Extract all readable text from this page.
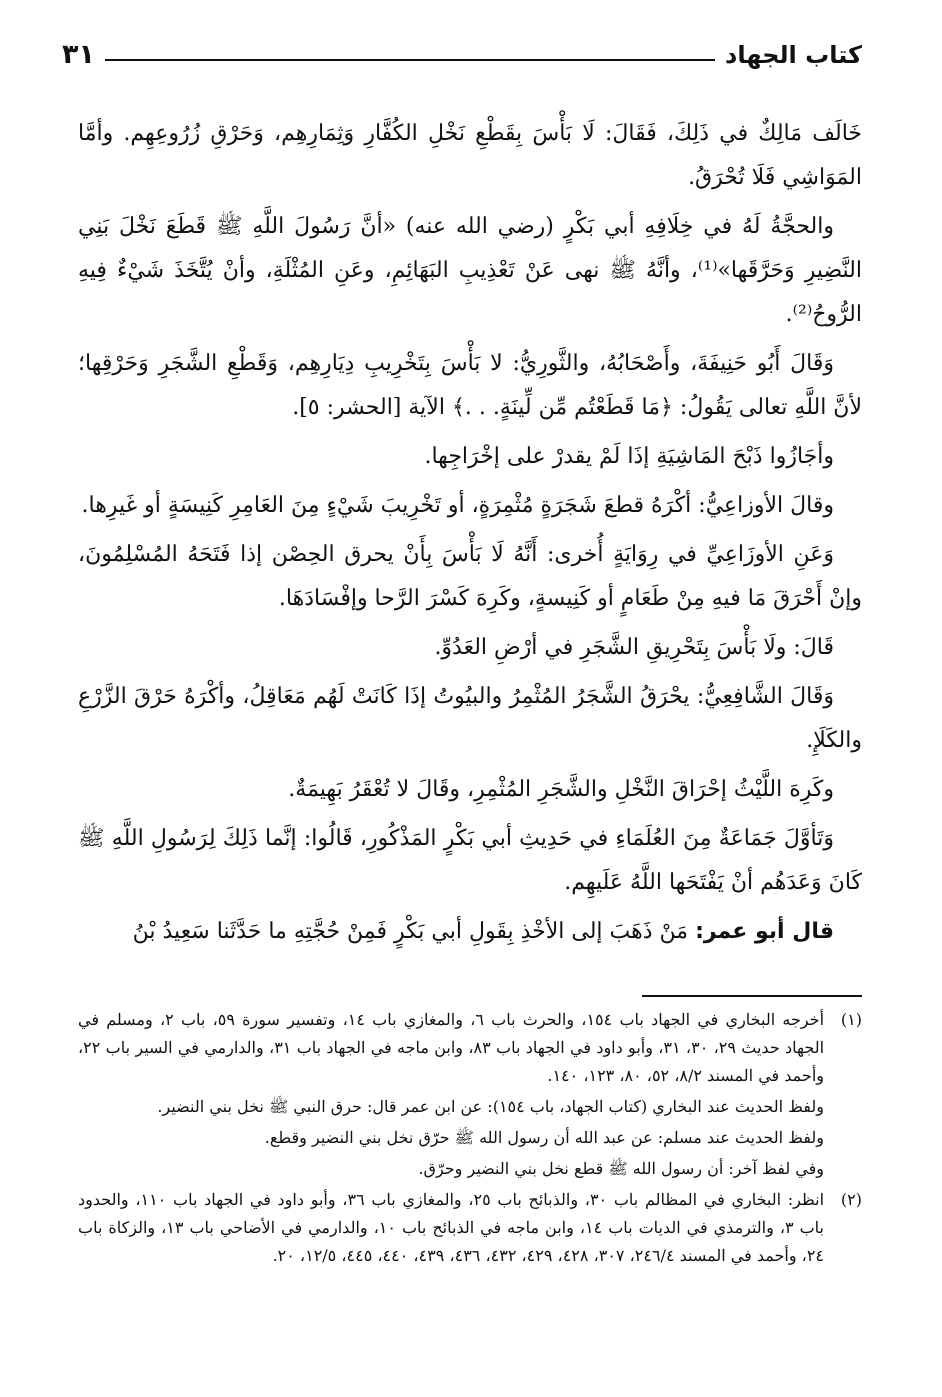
كتاب الجهاد
٣١

خَالَف مَالِكٌ في ذَلِكَ، فَقَالَ: لَا بَأْسَ بِقَطْعِ نَخْلِ الكُفَّارِ وَثِمَارِهِم، وَحَرْقِ زُرُوعِهِم. وأمَّا المَوَاشِي فَلَا تُحْرَقُ.

والحجَّةُ لَهُ في خِلَافِهِ أبي بَكْرٍ (رضي الله عنه) «أنَّ رَسُولَ اللَّهِ ﷺ قَطَعَ نَخْلَ بَنِي النَّضِيرِ وَحَرَّقَها»⁽¹⁾، وأنَّهُ ﷺ نهى عَنْ تَعْذِيبِ البَهَائِمِ، وعَنِ المُثْلَةِ، وأنْ يُتَّخَذَ شَيْءٌ فِيهِ الرُّوحُ⁽²⁾.

وَقَالَ أَبُو حَنِيفَةَ، وأَصْحَابُهُ، والثَّورِيُّ: لا بَأْسَ بِتَخْرِيبِ دِيَارِهِم، وَقَطْعِ الشَّجَرِ وَحَرْقِها؛ لأنَّ اللَّهِ تعالى يَقُولُ: ﴿مَا قَطَعْتُم مِّن لِّينَةٍ. . .﴾ الآية [الحشر: ٥].

وأجَازُوا ذَبْحَ المَاشِيَةِ إذَا لَمْ يقدرْ على إخْرَاجِها.

وقالَ الأوزاعِيُّ: أكْرَهُ قطعَ شَجَرَةٍ مُثْمِرَةٍ، أو تَخْرِيبَ شَيْءٍ مِنَ العَامِرِ كَنِيسَةٍ أو غَيرِها.

وَعَنِ الأوزَاعِيِّ في رِوَايَةٍ أُخرى: أَنَّهُ لَا بَأْسَ بِأَنْ يحرق الحِصْن إذا فَتَحَهُ المُسْلِمُونَ، وإنْ أَحْرَقَ مَا فيهِ مِنْ طَعَامٍ أو كَنِيسةٍ، وكَرِهَ كَسْرَ الرَّحا وإفْسَادَهَا.

قَالَ: ولَا بَأْسَ بِتَحْرِيقِ الشَّجَرِ في أرْضِ العَدُوِّ.

وَقَالَ الشَّافِعِيُّ: يحْرَقُ الشَّجَرُ المُثْمِرُ والبيُوتُ إذَا كَانَتْ لَهُم مَعَاقِلُ، وأكْرَهُ حَرْقَ الزَّرْعِ والكَلَإِ.

وكَرِهَ اللَّيْثُ إحْرَاقَ النَّخْلِ والشَّجَرِ المُثْمِرِ، وقَالَ لا تُعْقَرُ بَهِيمَةٌ.

وَتَأوَّلَ جَمَاعَةٌ مِنَ العُلَمَاءِ في حَدِيثِ أبي بَكْرٍ المَذْكُورِ، قَالُوا: إنَّما ذَلِكَ لِرَسُولِ اللَّهِ ﷺ كَانَ وَعَدَهُم أنْ يَفْتَحَها اللَّهُ عَلَيهِم.

قال أبو عمر: مَنْ ذَهَبَ إلى الأخْذِ بِقَولِ أبي بَكْرٍ فَمِنْ حُجَّتِهِ ما حَدَّثَنا سَعِيدُ بْنُ

(١)
أخرجه البخاري في الجهاد باب ١٥٤، والحرث باب ٦، والمغازي باب ١٤، وتفسير سورة ٥٩، باب ٢، ومسلم في الجهاد حديث ٢٩، ٣٠، ٣١، وأبو داود في الجهاد باب ٨٣، وابن ماجه في الجهاد باب ٣١، والدارمي في السير باب ٢٢، وأحمد في المسند ٨/٢، ٥٢، ٨٠، ١٢٣، ١٤٠.
ولفظ الحديث عند البخاري (كتاب الجهاد، باب ١٥٤): عن ابن عمر قال: حرق النبي ﷺ نخل بني النضير.
ولفظ الحديث عند مسلم: عن عبد الله أن رسول الله ﷺ حرّق نخل بني النضير وقطع.
وفي لفظ آخر: أن رسول الله ﷺ قطع نخل بني النضير وحرّق.
(٢)
انظر: البخاري في المظالم باب ٣٠، والذبائح باب ٢٥، والمغازي باب ٣٦، وأبو داود في الجهاد باب ١١٠، والحدود باب ٣، والترمذي في الديات باب ١٤، وابن ماجه في الذبائح باب ١٠، والدارمي في الأضاحي باب ١٣، والزكاة باب ٢٤، وأحمد في المسند ٢٤٦/٤، ٣٠٧، ٤٢٨، ٤٢٩، ٤٣٢، ٤٣٦، ٤٣٩، ٤٤٠، ٤٤٥، ١٢/٥، ٢٠.
